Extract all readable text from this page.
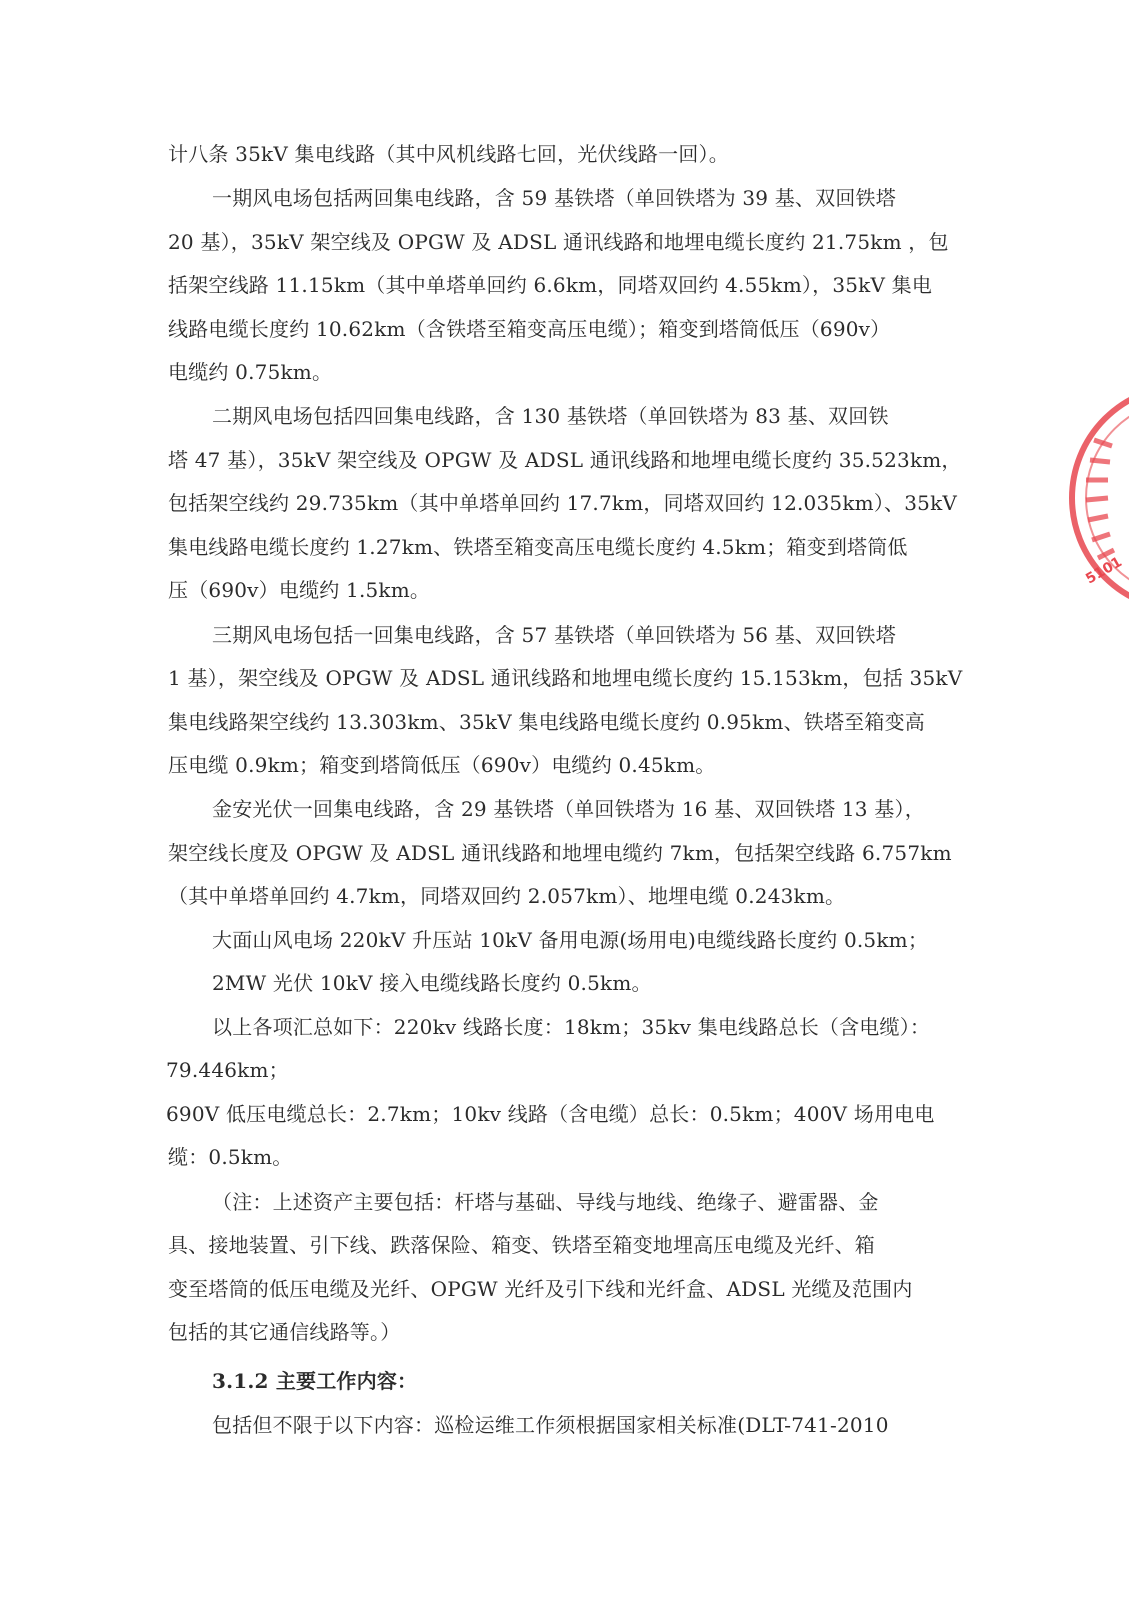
计八条 35kV 集电线路（其中风机线路七回，光伏线路一回）。
一期风电场包括两回集电线路，含 59 基铁塔（单回铁塔为 39 基、双回铁塔
20 基），35kV 架空线及 OPGW 及 ADSL 通讯线路和地埋电缆长度约 21.75km ，包
括架空线路 11.15km（其中单塔单回约 6.6km，同塔双回约 4.55km），35kV 集电
线路电缆长度约 10.62km（含铁塔至箱变高压电缆）；箱变到塔筒低压（690v）
电缆约 0.75km。
二期风电场包括四回集电线路，含 130 基铁塔（单回铁塔为 83 基、双回铁
塔 47 基），35kV 架空线及 OPGW 及 ADSL 通讯线路和地埋电缆长度约 35.523km，
包括架空线约 29.735km（其中单塔单回约 17.7km，同塔双回约 12.035km）、35kV
集电线路电缆长度约 1.27km、铁塔至箱变高压电缆长度约 4.5km；箱变到塔筒低
压（690v）电缆约 1.5km。
三期风电场包括一回集电线路，含 57 基铁塔（单回铁塔为 56 基、双回铁塔
1 基），架空线及 OPGW 及 ADSL 通讯线路和地埋电缆长度约 15.153km，包括 35kV
集电线路架空线约 13.303km、35kV 集电线路电缆长度约 0.95km、铁塔至箱变高
压电缆 0.9km；箱变到塔筒低压（690v）电缆约 0.45km。
金安光伏一回集电线路，含 29 基铁塔（单回铁塔为 16 基、双回铁塔 13 基），
架空线长度及 OPGW 及 ADSL 通讯线路和地埋电缆约 7km，包括架空线路 6.757km
（其中单塔单回约 4.7km，同塔双回约 2.057km）、地埋电缆 0.243km。
大面山风电场 220kV 升压站 10kV 备用电源(场用电)电缆线路长度约 0.5km；
2MW 光伏 10kV 接入电缆线路长度约 0.5km。
以上各项汇总如下：220kv 线路长度：18km；35kv 集电线路总长（含电缆）：
79.446km；
690V 低压电缆总长：2.7km；10kv 线路（含电缆）总长：0.5km；400V 场用电电
缆：0.5km。
（注：上述资产主要包括：杆塔与基础、导线与地线、绝缘子、避雷器、金
具、接地装置、引下线、跌落保险、箱变、铁塔至箱变地埋高压电缆及光纤、箱
变至塔筒的低压电缆及光纤、OPGW 光纤及引下线和光纤盒、ADSL 光缆及范围内
包括的其它通信线路等。）
3.1.2 主要工作内容：
包括但不限于以下内容：巡检运维工作须根据国家相关标准(DLT-741-2010
5101
